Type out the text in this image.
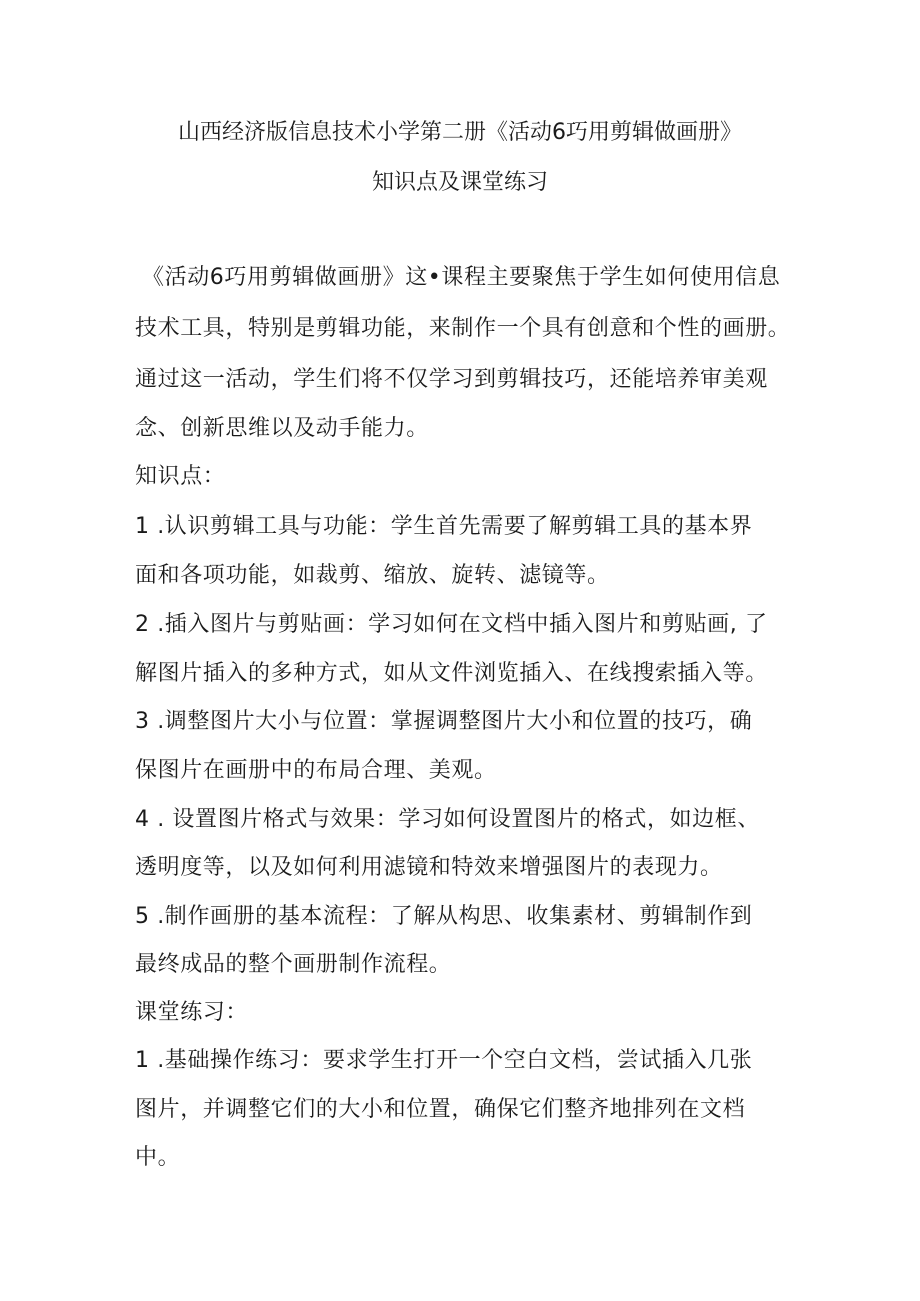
山西经济版信息技术小学第二册《活动6巧用剪辑做画册》
知识点及课堂练习
《活动6巧用剪辑做画册》这•课程主要聚焦于学生如何使用信息
技术工具，特别是剪辑功能，来制作一个具有创意和个性的画册。
通过这一活动，学生们将不仅学习到剪辑技巧，还能培养审美观
念、创新思维以及动手能力。
知识点：
1 .认识剪辑工具与功能：学生首先需要了解剪辑工具的基本界
面和各项功能，如裁剪、缩放、旋转、滤镜等。
2 .插入图片与剪贴画：学习如何在文档中插入图片和剪贴画, 了
解图片插入的多种方式，如从文件浏览插入、在线搜索插入等。
3 .调整图片大小与位置：掌握调整图片大小和位置的技巧，确
保图片在画册中的布局合理、美观。
4 . 设置图片格式与效果：学习如何设置图片的格式，如边框、
透明度等，以及如何利用滤镜和特效来增强图片的表现力。
5 .制作画册的基本流程：了解从构思、收集素材、剪辑制作到
最终成品的整个画册制作流程。
课堂练习：
1 .基础操作练习：要求学生打开一个空白文档，尝试插入几张
图片，并调整它们的大小和位置，确保它们整齐地排列在文档
中。
